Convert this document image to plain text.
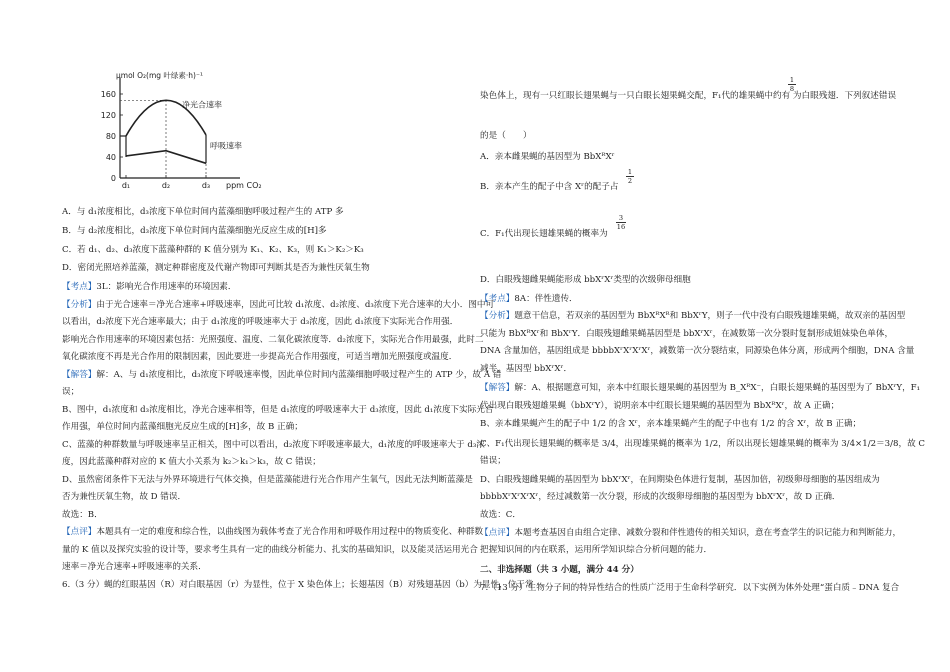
μmol O₂(mg 叶绿素·h)⁻¹
160
120
80
40
0
d₁	d₂	d₃ ppm CO₂
净光合速率
呼吸速率
A．与 d₁浓度相比，d₃浓度下单位时间内蓝藻细胞呼吸过程产生的 ATP 多
B．与 d₂浓度相比，d₃浓度下单位时间内蓝藻细胞光反应生成的[H]多
C．若 d₁、d₂、d₃浓度下蓝藻种群的 K 值分别为 K₁、K₂、K₃，则 K₁＞K₂＞K₃
D．密闭光照培养蓝藻，测定种群密度及代谢产物即可判断其是否为兼性厌氧生物
【考点】3L：影响光合作用速率的环境因素．
【分析】由于光合速率＝净光合速率+呼吸速率，因此可比较 d₁浓度、d₂浓度、d₃浓度下光合速率的大小．图中可
以看出，d₂浓度下光合速率最大；由于 d₁浓度的呼吸速率大于 d₃浓度，因此 d₁浓度下实际光合作用强．
影响光合作用速率的环境因素包括：光照强度、温度、二氧化碳浓度等．d₂浓度下，实际光合作用最强，此时二
氧化碳浓度不再是光合作用的限制因素，因此要进一步提高光合作用强度，可适当增加光照强度或温度．
【解答】解：A、与 d₁浓度相比，d₃浓度下呼吸速率慢，因此单位时间内蓝藻细胞呼吸过程产生的 ATP 少，故 A 错
误；
B、图中，d₁浓度和 d₃浓度相比，净光合速率相等，但是 d₁浓度的呼吸速率大于 d₃浓度，因此 d₁浓度下实际光合
作用强，单位时间内蓝藻细胞光反应生成的[H]多，故 B 正确；
C、蓝藻的种群数量与呼吸速率呈正相关，图中可以看出，d₂浓度下呼吸速率最大，d₁浓度的呼吸速率大于 d₃浓
度，因此蓝藻种群对应的 K 值大小关系为 k₂＞k₁＞k₃，故 C 错误；
D、虽然密闭条件下无法与外界环境进行气体交换，但是蓝藻能进行光合作用产生氧气，因此无法判断蓝藻是
否为兼性厌氧生物，故 D 错误．
故选：B．
【点评】本题具有一定的难度和综合性，以曲线图为载体考查了光合作用和呼吸作用过程中的物质变化、种群数
量的 K 值以及探究实验的设计等，要求考生具有一定的曲线分析能力、扎实的基础知识，以及能灵活运用光合
速率＝净光合速率+呼吸速率的关系．
6.（3 分）蝇的红眼基因（R）对白眼基因（r）为显性，位于 X 染色体上；长翅基因（B）对残翅基因（b）为显性，位于常
$\frac{1}{8}$
$\frac{1}{2}$
$\frac{3}{16}$
染色体上，现有一只红眼长翅果蝇与一只白眼长翅果蝇交配，F₁代的雄果蝇中约有 为白眼残翅．下列叙述错误
的是（　　）
A．亲本雌果蝇的基因型为 BbXᴿXʳ
B．亲本产生的配子中含 Xʳ的配子占
C．F₁代出现长翅雄果蝇的概率为
D．白眼残翅雌果蝇能形成 bbXʳXʳ类型的次级卵母细胞
【考点】8A：伴性遗传．
【分析】题意干信息，若双亲的基因型为 BbXᴿXᴿ和 BbXʳY，则子一代中没有白眼残翅雄果蝇，故双亲的基因型
只能为 BbXᴿXʳ和 BbXʳY．白眼残翅雌果蝇基因型是 bbXʳXʳ，在减数第一次分裂时复制形成姐妹染色单体，
DNA 含量加倍，基因组成是 bbbbXʳXʳXʳXʳ，减数第一次分裂结束，同源染色体分离，形成两个细胞，DNA 含量
减半，基因型 bbXʳXʳ．
【解答】解：A、根据题意可知，亲本中红眼长翅果蝇的基因型为 B_XᴿX⁻，白眼长翅果蝇的基因型为了 BbXʳY，F₁
代出现白眼残翅雄果蝇（bbXʳY），说明亲本中红眼长翅果蝇的基因型为 BbXᴿXʳ，故 A 正确；
B、亲本雌果蝇产生的配子中 1/2 的含 Xʳ，亲本雄果蝇产生的配子中也有 1/2 的含 Xʳ，故 B 正确；
C、F₁代出现长翅果蝇的概率是 3/4，出现雄果蝇的概率为 1/2，所以出现长翅雄果蝇的概率为 3/4×1/2＝3/8，故 C
错误；
D、白眼残翅雌果蝇的基因型为 bbXʳXʳ，在间期染色体进行复制，基因加倍，初级卵母细胞的基因组成为
bbbbXʳXʳXʳXʳ，经过减数第一次分裂，形成的次级卵母细胞的基因型为 bbXʳXʳ，故 D 正确．
故选：C．
【点评】本题考查基因自由组合定律、减数分裂和伴性遗传的相关知识，意在考查学生的识记能力和判断能力，
把握知识间的内在联系，运用所学知识综合分析问题的能力．
二、非选择题（共 3 小题，满分 44 分）
7.（13 分）生物分子间的特异性结合的性质广泛用于生命科学研究．以下实例为体外处理“蛋白质﹣DNA 复合
